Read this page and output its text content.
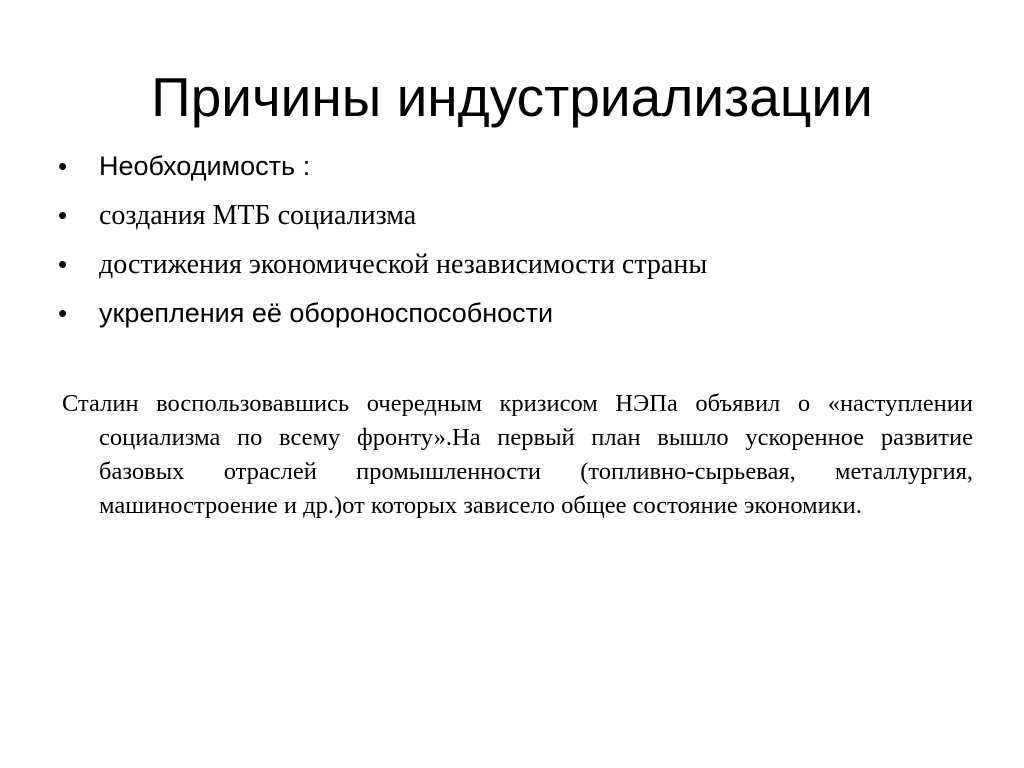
Причины индустриализации
• Необходимость :
• создания МТБ социализма
• достижения экономической независимости страны
• укрепления её обороноспособности

Сталин воспользовавшись очередным кризисом НЭПа объявил о «наступлении социализма по всему фронту».На первый план вышло ускоренное развитие базовых отраслей промышленности (топливно-сырьевая, металлургия, машиностроение и др.)от которых зависело общее состояние экономики.
